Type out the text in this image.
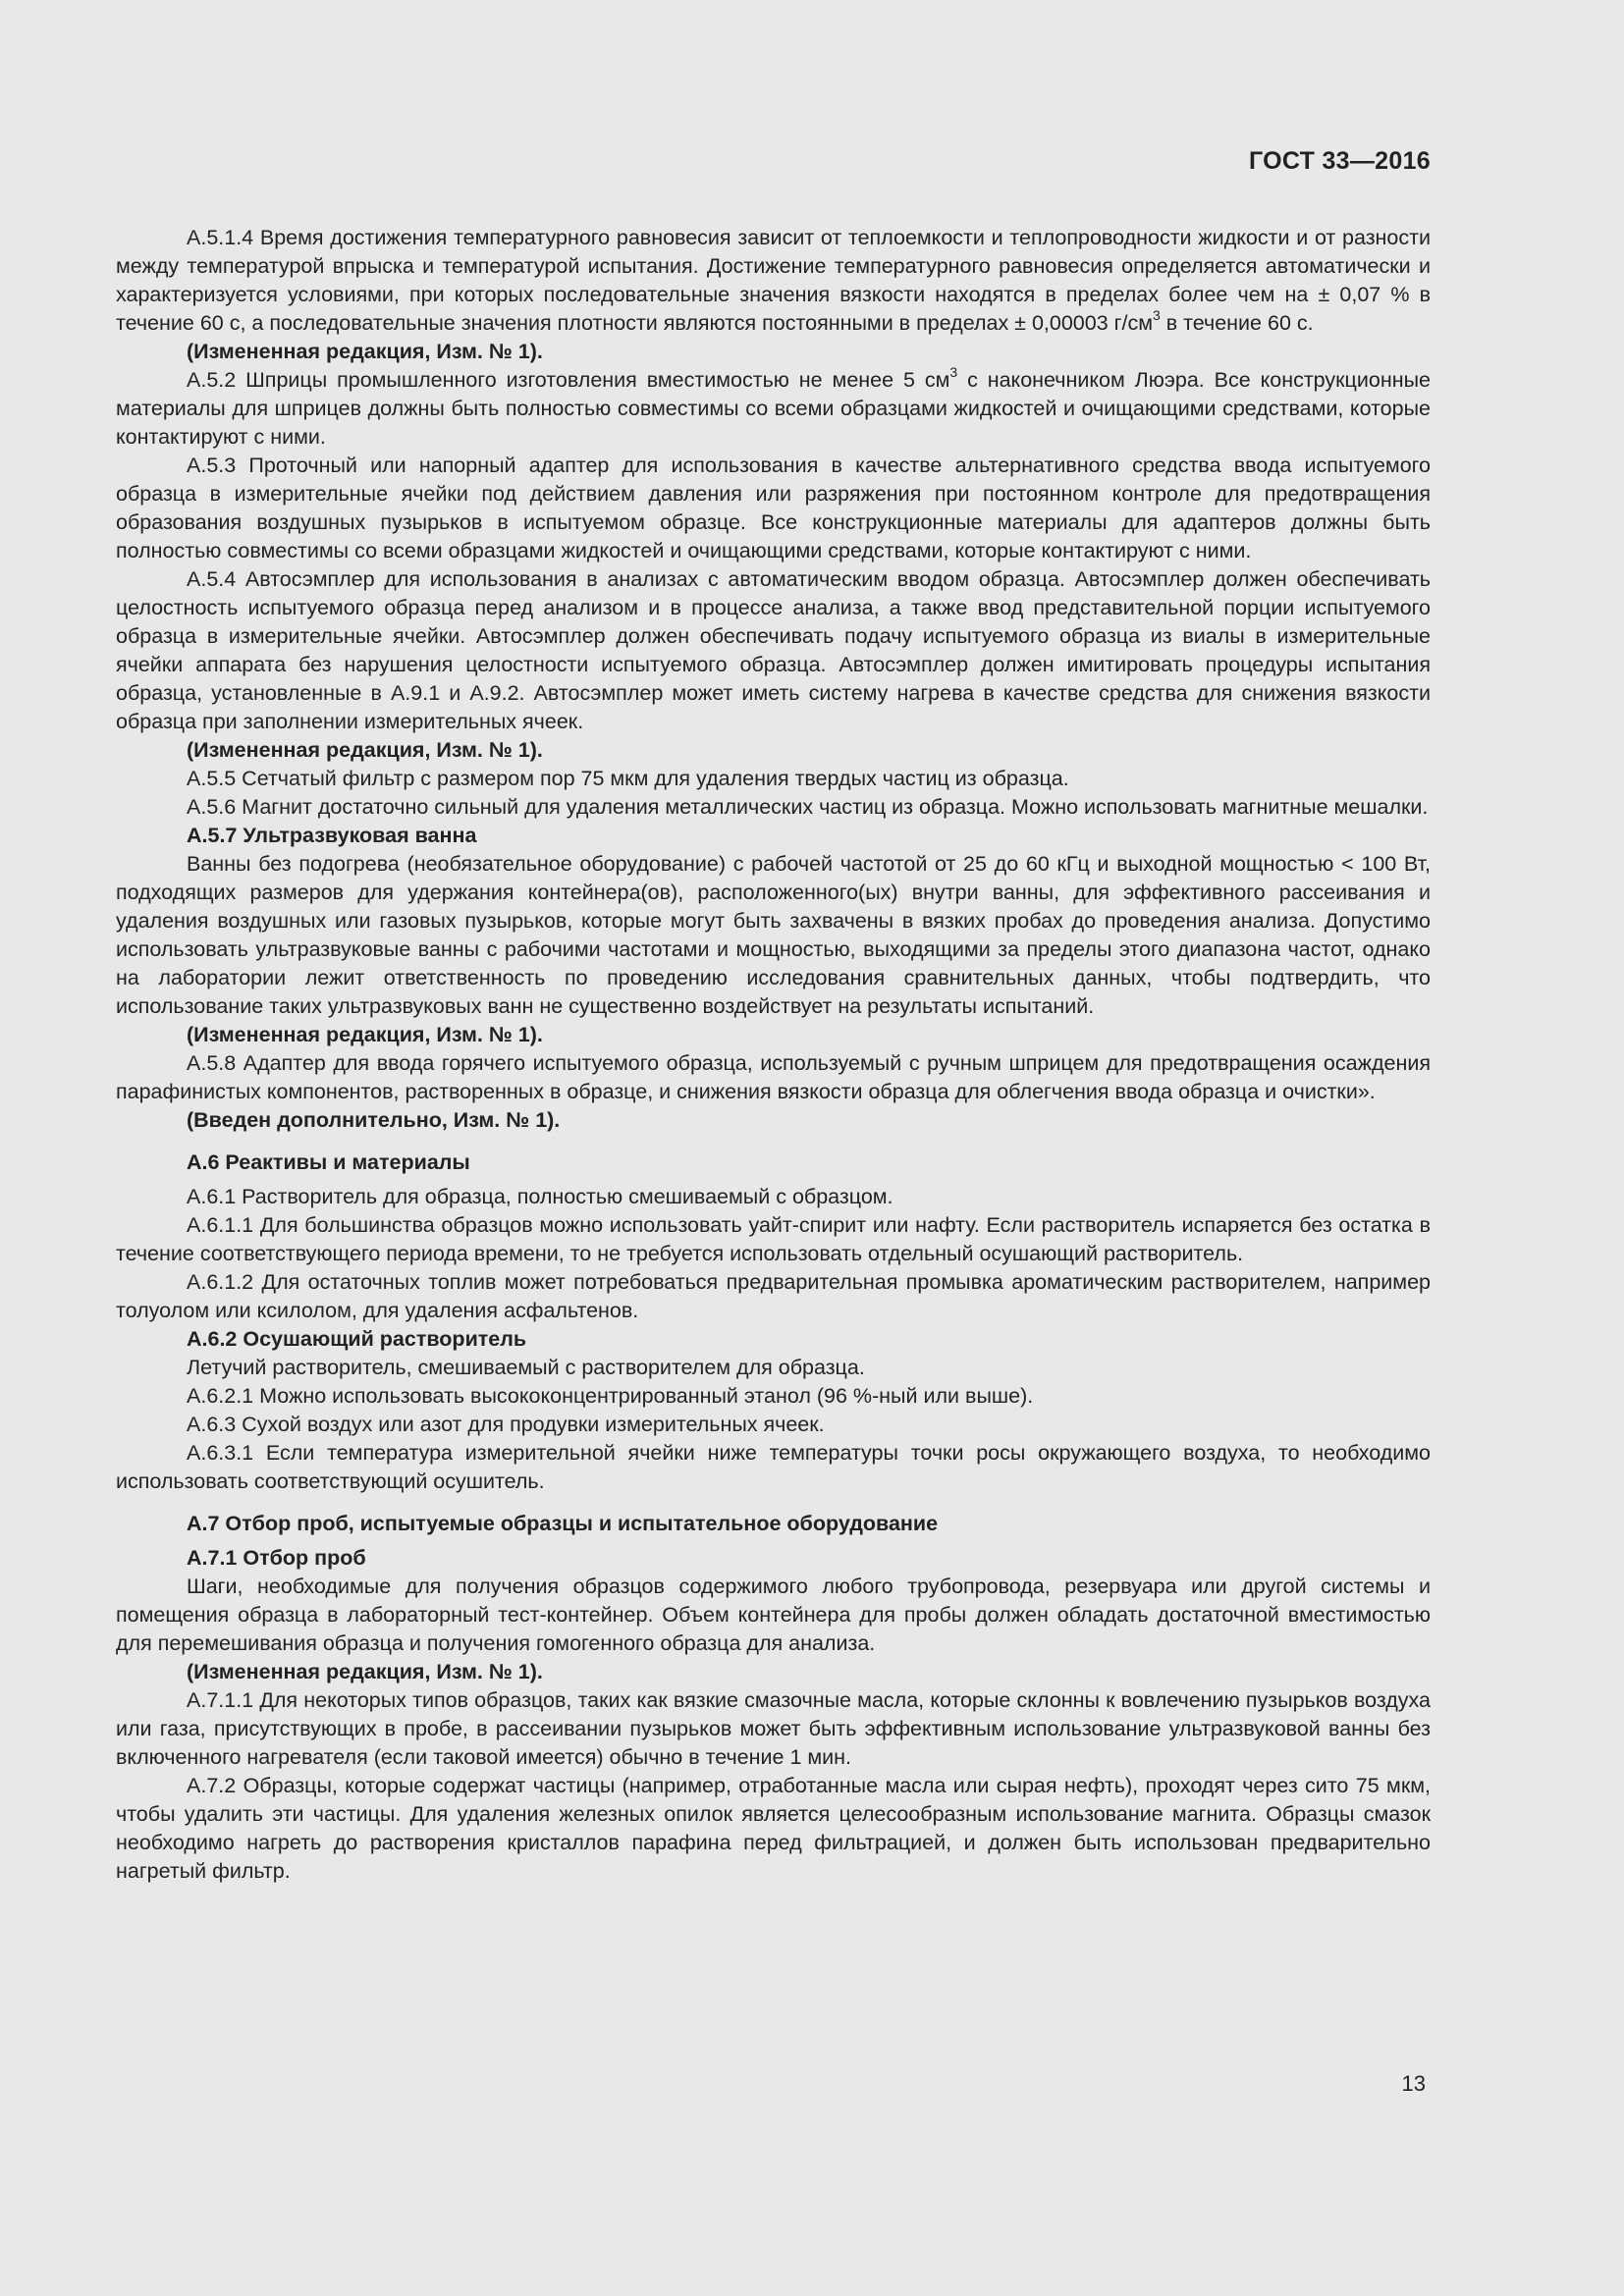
ГОСТ 33—2016

А.5.1.4 Время достижения температурного равновесия зависит от теплоемкости и теплопроводности жидкости и от разности между температурой впрыска и температурой испытания. Достижение температурного равновесия определяется автоматически и характеризуется условиями, при которых последовательные значения вязкости находятся в пределах более чем на ± 0,07 % в течение 60 с, а последовательные значения плотности являются постоянными в пределах ± 0,00003 $г/см^3$ в течение 60 с.

(Измененная редакция, Изм. № 1).

А.5.2 Шприцы промышленного изготовления вместимостью не менее 5 $см^3$ с наконечником Люэра. Все конструкционные материалы для шприцев должны быть полностью совместимы со всеми образцами жидкостей и очищающими средствами, которые контактируют с ними.

А.5.3 Проточный или напорный адаптер для использования в качестве альтернативного средства ввода испытуемого образца в измерительные ячейки под действием давления или разряжения при постоянном контроле для предотвращения образования воздушных пузырьков в испытуемом образце. Все конструкционные материалы для адаптеров должны быть полностью совместимы со всеми образцами жидкостей и очищающими средствами, которые контактируют с ними.

А.5.4 Автосэмплер для использования в анализах с автоматическим вводом образца. Автосэмплер должен обеспечивать целостность испытуемого образца перед анализом и в процессе анализа, а также ввод представительной порции испытуемого образца в измерительные ячейки. Автосэмплер должен обеспечивать подачу испытуемого образца из виалы в измерительные ячейки аппарата без нарушения целостности испытуемого образца. Автосэмплер должен имитировать процедуры испытания образца, установленные в А.9.1 и А.9.2. Автосэмплер может иметь систему нагрева в качестве средства для снижения вязкости образца при заполнении измерительных ячеек.

(Измененная редакция, Изм. № 1).

А.5.5 Сетчатый фильтр с размером пор 75 мкм для удаления твердых частиц из образца.

А.5.6 Магнит достаточно сильный для удаления металлических частиц из образца. Можно использовать магнитные мешалки.

А.5.7 Ультразвуковая ванна

Ванны без подогрева (необязательное оборудование) с рабочей частотой от 25 до 60 кГц и выходной мощностью < 100 Вт, подходящих размеров для удержания контейнера(ов), расположенного(ых) внутри ванны, для эффективного рассеивания и удаления воздушных или газовых пузырьков, которые могут быть захвачены в вязких пробах до проведения анализа. Допустимо использовать ультразвуковые ванны с рабочими частотами и мощностью, выходящими за пределы этого диапазона частот, однако на лаборатории лежит ответственность по проведению исследования сравнительных данных, чтобы подтвердить, что использование таких ультразвуковых ванн не существенно воздействует на результаты испытаний.

(Измененная редакция, Изм. № 1).

А.5.8 Адаптер для ввода горячего испытуемого образца, используемый с ручным шприцем для предотвращения осаждения парафинистых компонентов, растворенных в образце, и снижения вязкости образца для облегчения ввода образца и очистки».

(Введен дополнительно, Изм. № 1).

А.6 Реактивы и материалы

А.6.1 Растворитель для образца, полностью смешиваемый с образцом.

А.6.1.1 Для большинства образцов можно использовать уайт-спирит или нафту. Если растворитель испаряется без остатка в течение соответствующего периода времени, то не требуется использовать отдельный осушающий растворитель.

А.6.1.2 Для остаточных топлив может потребоваться предварительная промывка ароматическим растворителем, например толуолом или ксилолом, для удаления асфальтенов.

А.6.2 Осушающий растворитель

Летучий растворитель, смешиваемый с растворителем для образца.

А.6.2.1 Можно использовать высококонцентрированный этанол (96 %-ный или выше).

А.6.3 Сухой воздух или азот для продувки измерительных ячеек.

А.6.3.1 Если температура измерительной ячейки ниже температуры точки росы окружающего воздуха, то необходимо использовать соответствующий осушитель.

А.7 Отбор проб, испытуемые образцы и испытательное оборудование

А.7.1 Отбор проб

Шаги, необходимые для получения образцов содержимого любого трубопровода, резервуара или другой системы и помещения образца в лабораторный тест-контейнер. Объем контейнера для пробы должен обладать достаточной вместимостью для перемешивания образца и получения гомогенного образца для анализа.

(Измененная редакция, Изм. № 1).

А.7.1.1 Для некоторых типов образцов, таких как вязкие смазочные масла, которые склонны к вовлечению пузырьков воздуха или газа, присутствующих в пробе, в рассеивании пузырьков может быть эффективным использование ультразвуковой ванны без включенного нагревателя (если таковой имеется) обычно в течение 1 мин.

А.7.2 Образцы, которые содержат частицы (например, отработанные масла или сырая нефть), проходят через сито 75 мкм, чтобы удалить эти частицы. Для удаления железных опилок является целесообразным использование магнита. Образцы смазок необходимо нагреть до растворения кристаллов парафина перед фильтрацией, и должен быть использован предварительно нагретый фильтр.

13
